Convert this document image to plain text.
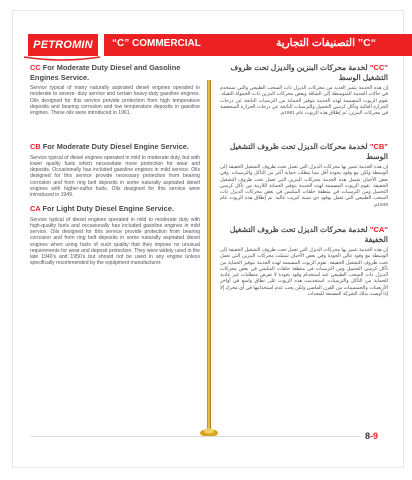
PETROMIN “C” COMMERCIAL	“C” التصنيفات التجارية
CC For Moderate Duty Diesel and Gasoline Engines Service.

Service typical of many naturally aspirated diesel engines operated in moderate to severe- duty service and certain heavy-duty gasoline engines. Oils designed for this service provide protection from high temperature deposits and bearing corrosion and low temperature deposits in gasoline engines. These oils were introduced in 1961.

CB For Moderate Duty Diesel Engine Service.

Service typical of diesel engines operated in mild to moderate duty, but with lower quality fuels which necessitate more protection for wear and deposits. Occasionally has included gasoline engines in mild service. Oils designed for this service provide necessary protection from bearing corrosion and from ring belt deposits in some naturally aspirated diesel engines with higher-sulfur fuels. Oils designed for this service were introduced in 1949.

CA For Light Duty Diesel Engine Service.

Service typical of diesel engines operated in mild to moderate duty with high-quality fuels and occasionally has included gasoline engines in mild service. Oils designed for this service provide protection from bearing corrosion and from ring belt deposits in some naturally aspirated diesel engines when using fuels of such quality that they impose no unusual requirements for wear and deposit protection. They were widely used in the late 1940's and 1950's but should not be used in any engine unless specifically recommended by the equipment manufacturer.

"CC" لخدمة محركات البنزين والديزل تحت ظروف التشغيل الوسط

إن هذه الخدمة يتميز العديد من محركات الديزل ذات السحب الطبيعي والتي تستخدم في حالات الخدمة المتوسطة إلى الشاقة وبعض محركات البنزين ذات الحمولة الثقيلة. تقوم الزيوت المصممة لهذه الخدمة بتوفير الحماية من الترسبات الناتجة عن درجات الحرارة العالية وتآكل كرسي التحميل والترسبات الناتجة عن درجات الحرارة المنخفضة في محركات البنزين. تم إطلاق هذه الزيوت عام 1961م.

"CB" لخدمة محركات الديزل تحت ظروف التشغيل الوسط

إن هذه الخدمة تتميز بها محركات الديزل التي تعمل تحت ظروف التشغيل الخفيفة إلى الوسطة ولكن مع وقود بجودة أقل مما يتطلب حماية أكبر من التآكل والترسبات. وفي بعض الأحيان تشمل هذه الخدمة محركات البنزين التي تعمل تحت ظروف التشغيل الخفيفة. تقوم الزيوت المصممة لهذه الخدمة بتوفير الحماية اللازمة من تآكل كرسي التحميل ومن الترسبات في منطقة حلقات المكبس في بعض محركات الديزل ذات السحب الطبيعي التي تعمل بوقود ذي نسبة كبريت عالية. تم إطلاق هذه الزيوت عام 1949م.

"CA" لخدمة محركات الديزل تحت ظروف التشغيل الخفيفة

إن هذه الخدمة تتميز بها محركات الديزل التي تعمل تحت ظروف التشغيل الخفيفة إلى الوسطة مع وقود عالي الجودة وفي بعض الأحيان شملت محركات البنزين التي تعمل تحت ظروف التشغيل الخفيفة. تقوم الزيوت المصممة لهذه الخدمة بتوفير الحماية من تآكل كرسي التحميل ومن الترسبات في منطقة حلقات المكبس في بعض محركات الديزل ذات السحب الطبيعي عند استخدام وقود بجودة لا تفرض متطلبات غير عادية للحماية من التآكل والترسبات. استخدمت هذه الزيوت على نطاق واسع في أواخر الأربعينات والخمسينات من القرن الماضي ولكن يجب عدم استخدامها في أي محرك إلا إذا أوصت بذلك الشركة المصنعة للمعدات.

8-9
